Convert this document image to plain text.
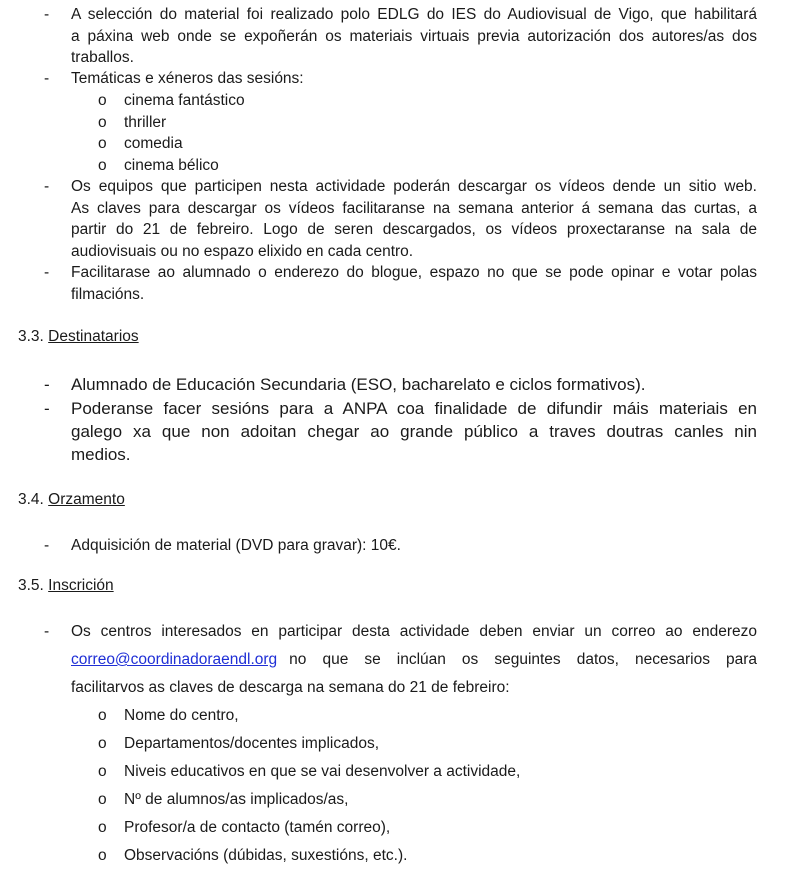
- A selección do material foi realizado polo EDLG do IES do Audiovisual de Vigo, que habilitará
a páxina web onde se expoñerán os materiais virtuais previa autorización dos autores/as dos
traballos.
- Temáticas e xéneros das sesións:
o cinema fantástico
o thriller
o comedia
o cinema bélico
- Os equipos que participen nesta actividade poderán descargar os vídeos dende un sitio web.
As claves para descargar os vídeos facilitaranse na semana anterior á semana das curtas, a
partir do 21 de febreiro. Logo de seren descargados, os vídeos proxectaranse na sala de
audiovisuais ou no espazo elixido en cada centro.
- Facilitarase ao alumnado o enderezo do blogue, espazo no que se pode opinar e votar polas
filmacións.
3.3. Destinatarios
- Alumnado de Educación Secundaria (ESO, bacharelato e ciclos formativos).
- Poderanse facer sesións para a ANPA coa finalidade de difundir máis materiais en
galego xa que non adoitan chegar ao grande público a traves doutras canles nin
medios.
3.4. Orzamento
- Adquisición de material (DVD para gravar): 10€.
3.5. Inscrición
- Os centros interesados en participar desta actividade deben enviar un correo ao enderezo
correo@coordinadoraendl.org no que se inclúan os seguintes datos, necesarios para
facilitarvos as claves de descarga na semana do 21 de febreiro:
o Nome do centro,
o Departamentos/docentes implicados,
o Niveis educativos en que se vai desenvolver a actividade,
o Nº de alumnos/as implicados/as,
o Profesor/a de contacto (tamén correo),
o Observacións (dúbidas, suxestións, etc.).
